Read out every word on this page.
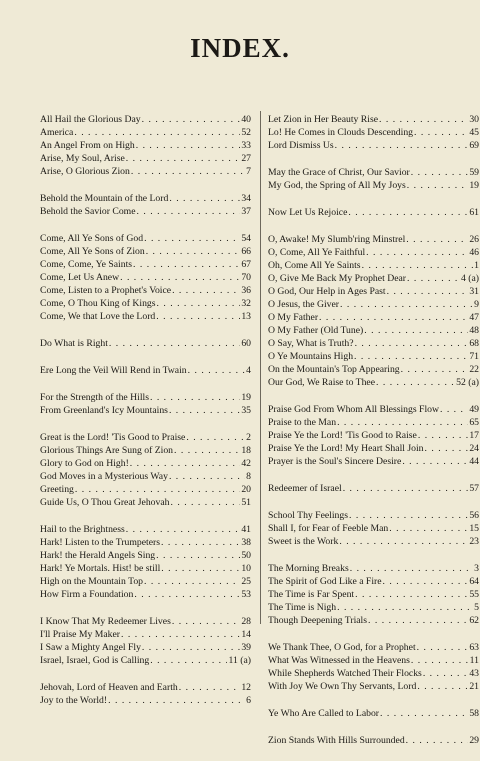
INDEX.
All Hail the Glorious Day . . .	40
America . . .	52
An Angel From on High . . .	33
Arise, My Soul, Arise . . .	27
Arise, O Glorious Zion . . .	7
Behold the Mountain of the Lord . . .	34
Behold the Savior Come . . .	37
Come, All Ye Sons of God . . .	54
Come, All Ye Sons of Zion . . .	66
Come, Come, Ye Saints . . .	67
Come, Let Us Anew . . .	70
Come, Listen to a Prophet's Voice . . .	36
Come, O Thou King of Kings . . .	32
Come, We that Love the Lord . . .	13
Do What is Right . . .	60
Ere Long the Veil Will Rend in Twain . . .	4
For the Strength of the Hills . . .	19
From Greenland's Icy Mountains . . .	35
Great is the Lord! 'Tis Good to Praise . . .	2
Glorious Things Are Sung of Zion . . .	18
Glory to God on High! . . .	42
God Moves in a Mysterious Way . . .	8
Greeting . . .	20
Guide Us, O Thou Great Jehovah . . .	51
Hail to the Brightness . . .	41
Hark! Listen to the Trumpeters . . .	38
Hark! the Herald Angels Sing . . .	50
Hark! Ye Mortals. Hist! be still . . .	10
High on the Mountain Top . . .	25
How Firm a Foundation . . .	53
I Know That My Redeemer Lives . . .	28
I'll Praise My Maker . . .	14
I Saw a Mighty Angel Fly . . .	39
Israel, Israel, God is Calling . . .	11 (a)
Jehovah, Lord of Heaven and Earth . . .	12
Joy to the World! . . .	6
Let Zion in Her Beauty Rise . . .	30
Lo! He Comes in Clouds Descending . . .	45
Lord Dismiss Us . . .	69
May the Grace of Christ, Our Savior . . .	59
My God, the Spring of All My Joys . . .	19
Now Let Us Rejoice . . .	61
O, Awake! My Slumb'ring Minstrel . . .	26
O, Come, All Ye Faithful . . .	46
Oh, Come All Ye Saints . . .	1
O, Give Me Back My Prophet Dear . . .	4 (a)
O God, Our Help in Ages Past . . .	31
O Jesus, the Giver . . .	9
O My Father . . .	47
O My Father (Old Tune) . . .	48
O Say, What is Truth? . . .	68
O Ye Mountains High . . .	71
On the Mountain's Top Appearing . . .	22
Our God, We Raise to Thee . . .	52 (a)
Praise God From Whom All Blessings Flow . . .	49
Praise to the Man . . .	65
Praise Ye the Lord! 'Tis Good to Raise . . .	17
Praise Ye the Lord! My Heart Shall Join . . .	24
Prayer is the Soul's Sincere Desire . . .	44
Redeemer of Israel . . .	57
School Thy Feelings . . .	56
Shall I, for Fear of Feeble Man . . .	15
Sweet is the Work . . .	23
The Morning Breaks . . .	3
The Spirit of God Like a Fire . . .	64
The Time is Far Spent . . .	55
The Time is Nigh . . .	5
Though Deepening Trials . . .	62
We Thank Thee, O God, for a Prophet . . .	63
What Was Witnessed in the Heavens . . .	11
While Shepherds Watched Their Flocks . . .	43
With Joy We Own Thy Servants, Lord . . .	21
Ye Who Are Called to Labor . . .	58
Zion Stands With Hills Surrounded . . .	29
